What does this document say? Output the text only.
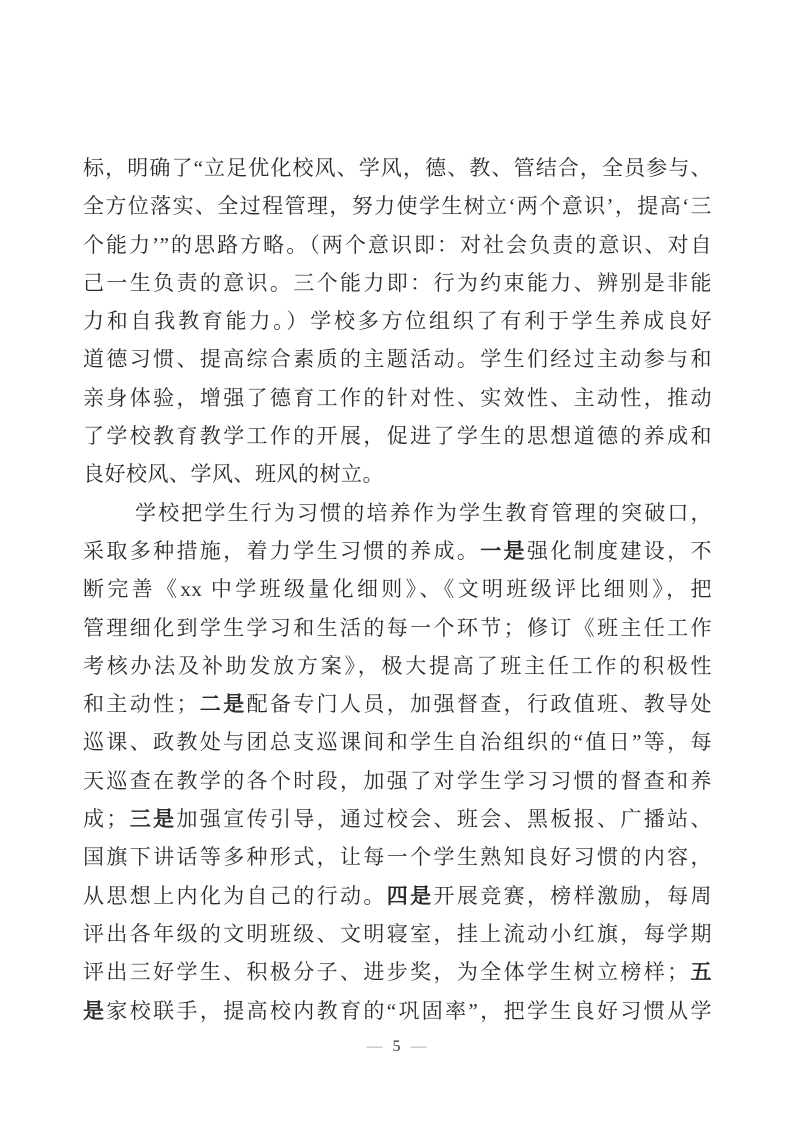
标，明确了“立足优化校风、学风，德、教、管结合，全员参与、
全方位落实、全过程管理，努力使学生树立‘两个意识’，提高‘三
个能力’”的思路方略。（两个意识即：对社会负责的意识、对自
己一生负责的意识。三个能力即：行为约束能力、辨别是非能
力和自我教育能力。）学校多方位组织了有利于学生养成良好
道德习惯、提高综合素质的主题活动。学生们经过主动参与和
亲身体验，增强了德育工作的针对性、实效性、主动性，推动
了学校教育教学工作的开展，促进了学生的思想道德的养成和
良好校风、学风、班风的树立。
学校把学生行为习惯的培养作为学生教育管理的突破口，
采取多种措施，着力学生习惯的养成。一是强化制度建设，不
断完善《xx 中学班级量化细则》、《文明班级评比细则》，把
管理细化到学生学习和生活的每一个环节；修订《班主任工作
考核办法及补助发放方案》，极大提高了班主任工作的积极性
和主动性；二是配备专门人员，加强督查，行政值班、教导处
巡课、政教处与团总支巡课间和学生自治组织的“值日”等，每
天巡查在教学的各个时段，加强了对学生学习习惯的督查和养
成；三是加强宣传引导，通过校会、班会、黑板报、广播站、
国旗下讲话等多种形式，让每一个学生熟知良好习惯的内容，
从思想上内化为自己的行动。四是开展竞赛，榜样激励，每周
评出各年级的文明班级、文明寝室，挂上流动小红旗，每学期
评出三好学生、积极分子、进步奖，为全体学生树立榜样；五
是家校联手，提高校内教育的“巩固率”，把学生良好习惯从学
— 5 —
